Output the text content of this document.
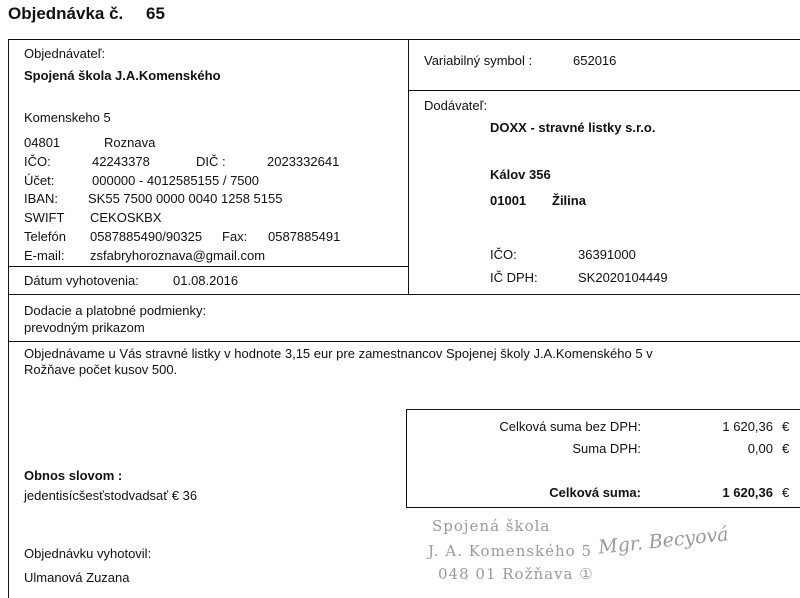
Objednávka č. 65
Objednávateľ:
Spojená škola J.A.Komenského
Komenskeho 5
04801	Roznava
IČO:	42243378	DIČ :	2023332641
Účet:	000000 - 4012585155 / 7500
IBAN: SK55 7500 0000 0040 1258 5155
SWIFT CEKOSKBX
Telefón 0587885490/90325 Fax: 0587885491
E-mail: zsfabryhoroznava@gmail.com
Variabilný symbol :	652016
Dodávateľ:
DOXX - stravné listky s.r.o.
Kálov 356
01001 Žilina
IČO:	36391000
IČ DPH:	SK2020104449
Dátum vyhotovenia:	01.08.2016
Dodacie a platobné podmienky:
prevodným prikazom
Objednávame u Vás stravné listky v hodnote 3,15 eur pre zamestnancov Spojenej školy J.A.Komenského 5 v
Rožňave počet kusov 500.
Celková suma bez DPH:	1 620,36 €
Suma DPH:	0,00 €
Celková suma:	1 620,36 €
Obnos slovom :
jedentisícšesťstodvadsať € 36
Objednávku vyhotovil:
Ulmanová Zuzana
Spojená škola
J. A. Komenského 5
048 01 Rožňava ①
Mgr. Becyová
